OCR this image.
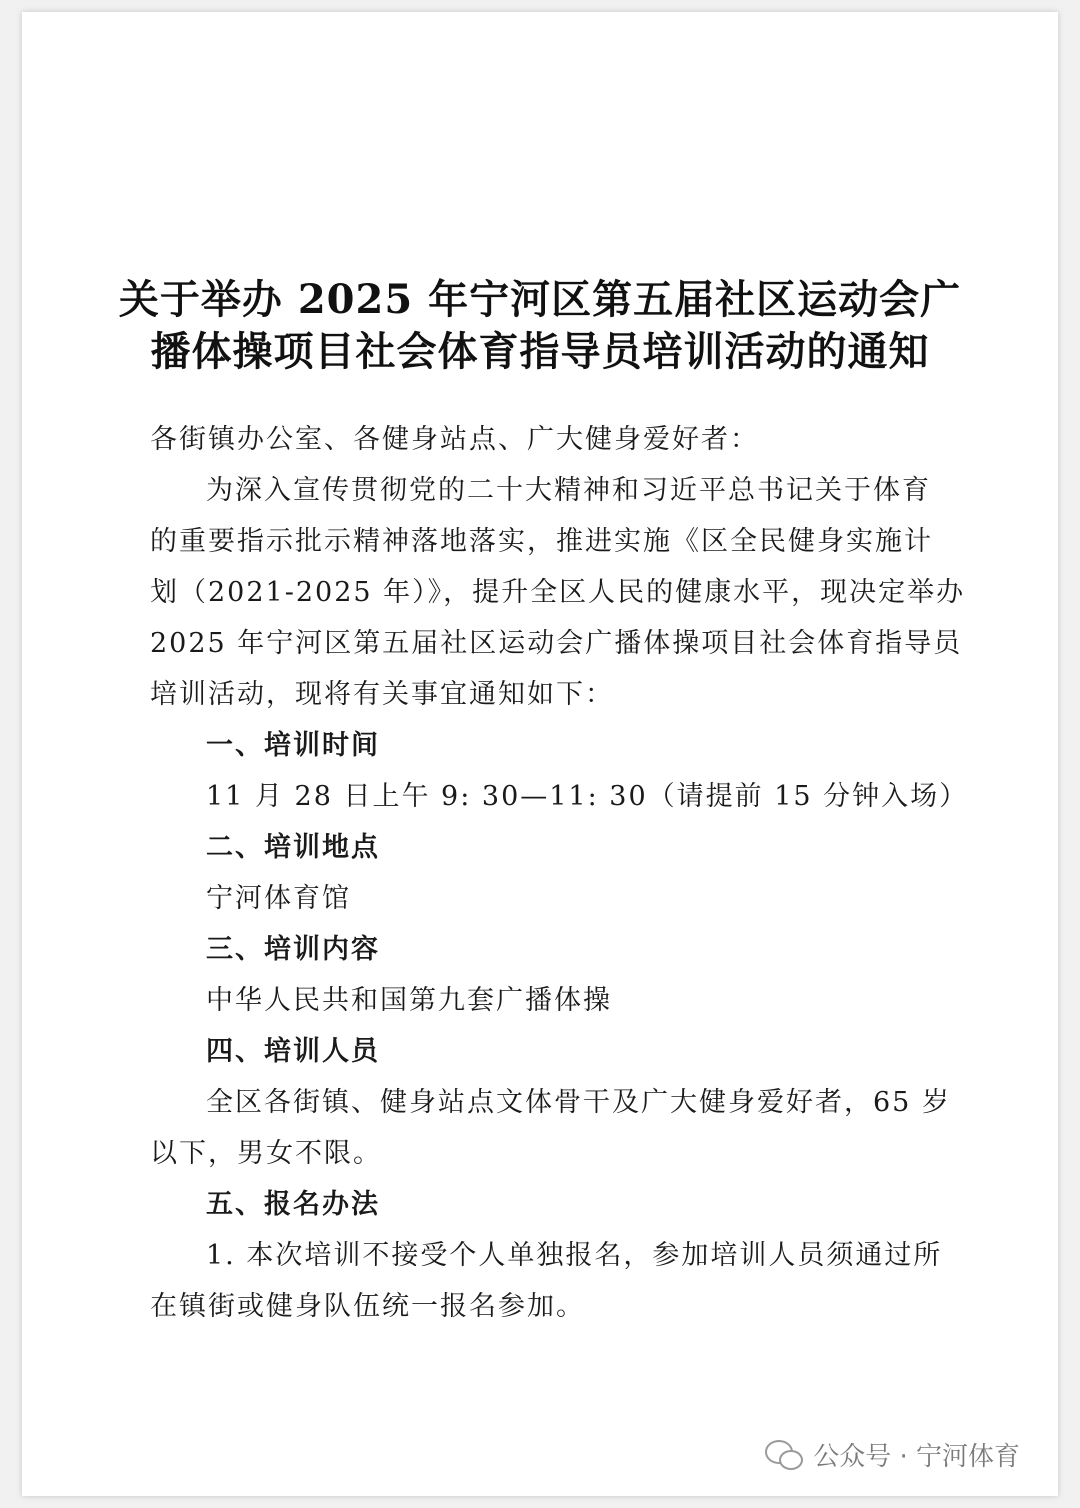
关于举办 2025 年宁河区第五届社区运动会广
播体操项目社会体育指导员培训活动的通知
各街镇办公室、各健身站点、广大健身爱好者：
为深入宣传贯彻党的二十大精神和习近平总书记关于体育
的重要指示批示精神落地落实，推进实施《区全民健身实施计
划（2021-2025 年）》，提升全区人民的健康水平，现决定举办
2025 年宁河区第五届社区运动会广播体操项目社会体育指导员
培训活动，现将有关事宜通知如下：
一、培训时间
11 月 28 日上午 9: 30—11: 30（请提前 15 分钟入场）
二、培训地点
宁河体育馆
三、培训内容
中华人民共和国第九套广播体操
四、培训人员
全区各街镇、健身站点文体骨干及广大健身爱好者，65 岁
以下，男女不限。
五、报名办法
1. 本次培训不接受个人单独报名，参加培训人员须通过所
在镇街或健身队伍统一报名参加。
公众号 · 宁河体育
